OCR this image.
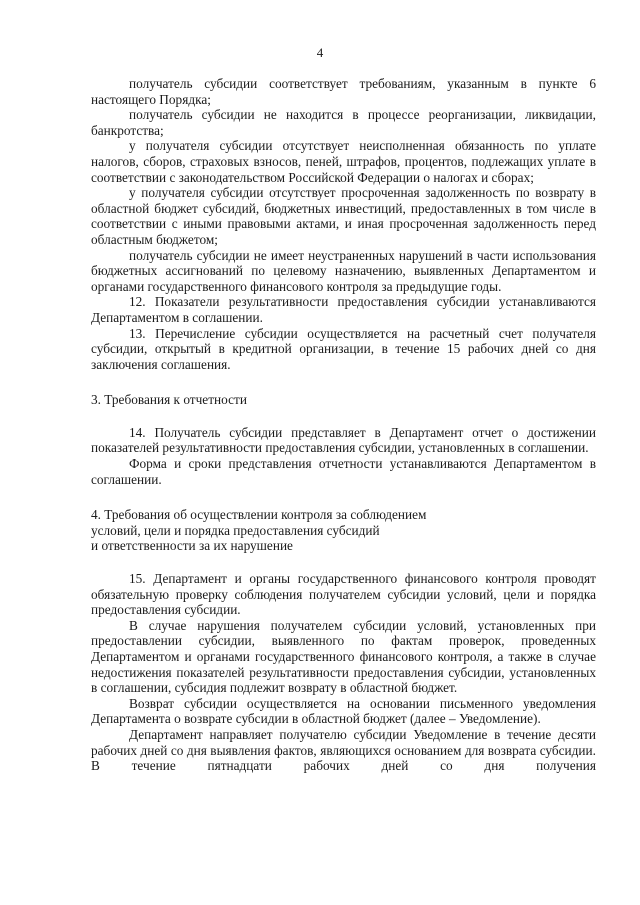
4

получатель субсидии соответствует требованиям, указанным в пункте 6 настоящего Порядка;

получатель субсидии не находится в процессе реорганизации, ликвидации, банкротства;

у получателя субсидии отсутствует неисполненная обязанность по уплате налогов, сборов, страховых взносов, пеней, штрафов, процентов, подлежащих уплате в соответствии с законодательством Российской Федерации о налогах и сборах;

у получателя субсидии отсутствует просроченная задолженность по возврату в областной бюджет субсидий, бюджетных инвестиций, предоставленных в том числе в соответствии с иными правовыми актами, и иная просроченная задолженность перед областным бюджетом;

получатель субсидии не имеет неустраненных нарушений в части использования бюджетных ассигнований по целевому назначению, выявленных Департаментом и органами государственного финансового контроля за предыдущие годы.

12. Показатели результативности предоставления субсидии устанавливаются Департаментом в соглашении.

13. Перечисление субсидии осуществляется на расчетный счет получателя субсидии, открытый в кредитной организации, в течение 15 рабочих дней со дня заключения соглашения.

3. Требования к отчетности

14. Получатель субсидии представляет в Департамент отчет о достижении показателей результативности предоставления субсидии, установленных в соглашении.

Форма и сроки представления отчетности устанавливаются Департаментом в соглашении.

4. Требования об осуществлении контроля за соблюдением

условий, цели и порядка предоставления субсидий

и ответственности за их нарушение

15. Департамент и органы государственного финансового контроля проводят обязательную проверку соблюдения получателем субсидии условий, цели и порядка предоставления субсидии.

В случае нарушения получателем субсидии условий, установленных при предоставлении субсидии, выявленного по фактам проверок, проведенных Департаментом и органами государственного финансового контроля, а также в случае недостижения показателей результативности предоставления субсидии, установленных в соглашении, субсидия подлежит возврату в областной бюджет.

Возврат субсидии осуществляется на основании письменного уведомления Департамента о возврате субсидии в областной бюджет (далее – Уведомление).

Департамент направляет получателю субсидии Уведомление в течение десяти рабочих дней со дня выявления фактов, являющихся основанием для возврата субсидии. В течение пятнадцати рабочих дней со дня получения
